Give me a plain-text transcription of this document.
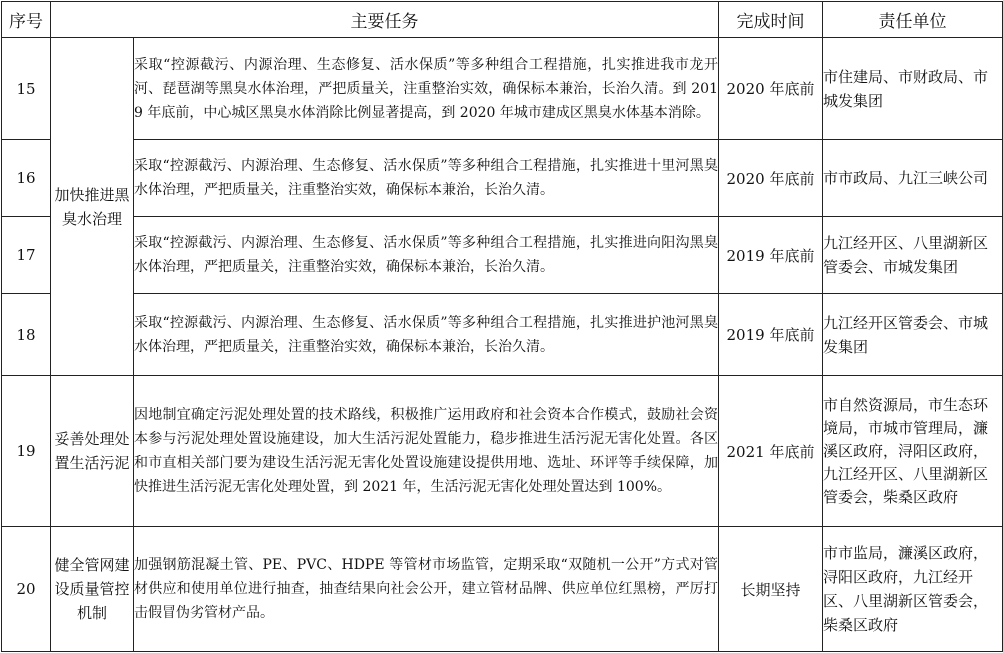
序号	主要任务		完成时间	责任单位
15	加快推进黑臭水治理	采取“控源截污、内源治理、生态修复、活水保质”等多种组合工程措施，扎实推进我市龙开河、琵琶湖等黑臭水体治理，严把质量关，注重整治实效，确保标本兼治，长治久清。到 2019 年底前，中心城区黑臭水体消除比例显著提高，到 2020 年城市建成区黑臭水体基本消除。	2020 年底前	市住建局、市财政局、市城发集团
16		采取“控源截污、内源治理、生态修复、活水保质”等多种组合工程措施，扎实推进十里河黑臭水体治理，严把质量关，注重整治实效，确保标本兼治，长治久清。	2020 年底前	市市政局、九江三峡公司
17		采取“控源截污、内源治理、生态修复、活水保质”等多种组合工程措施，扎实推进向阳沟黑臭水体治理，严把质量关，注重整治实效，确保标本兼治，长治久清。	2019 年底前	九江经开区、八里湖新区管委会、市城发集团
18		采取“控源截污、内源治理、生态修复、活水保质”等多种组合工程措施，扎实推进护池河黑臭水体治理，严把质量关，注重整治实效，确保标本兼治，长治久清。	2019 年底前	九江经开区管委会、市城发集团
19	妥善处理处置生活污泥	因地制宜确定污泥处理处置的技术路线，积极推广运用政府和社会资本合作模式，鼓励社会资本参与污泥处理处置设施建设，加大生活污泥处置能力，稳步推进生活污泥无害化处置。各区和市直相关部门要为建设生活污泥无害化处置设施建设提供用地、选址、环评等手续保障，加快推进生活污泥无害化处理处置，到 2021 年，生活污泥无害化处理处置达到 100%。	2021 年底前	市自然资源局，市生态环境局，市城市管理局，濂溪区政府，浔阳区政府，九江经开区、八里湖新区管委会，柴桑区政府
20	健全管网建设质量管控机制	加强钢筋混凝土管、PE、PVC、HDPE 等管材市场监管，定期采取“双随机一公开”方式对管材供应和使用单位进行抽查，抽查结果向社会公开，建立管材品牌、供应单位红黑榜，严厉打击假冒伪劣管材产品。	长期坚持	市市监局，濂溪区政府，浔阳区政府，九江经开区、八里湖新区管委会，柴桑区政府
